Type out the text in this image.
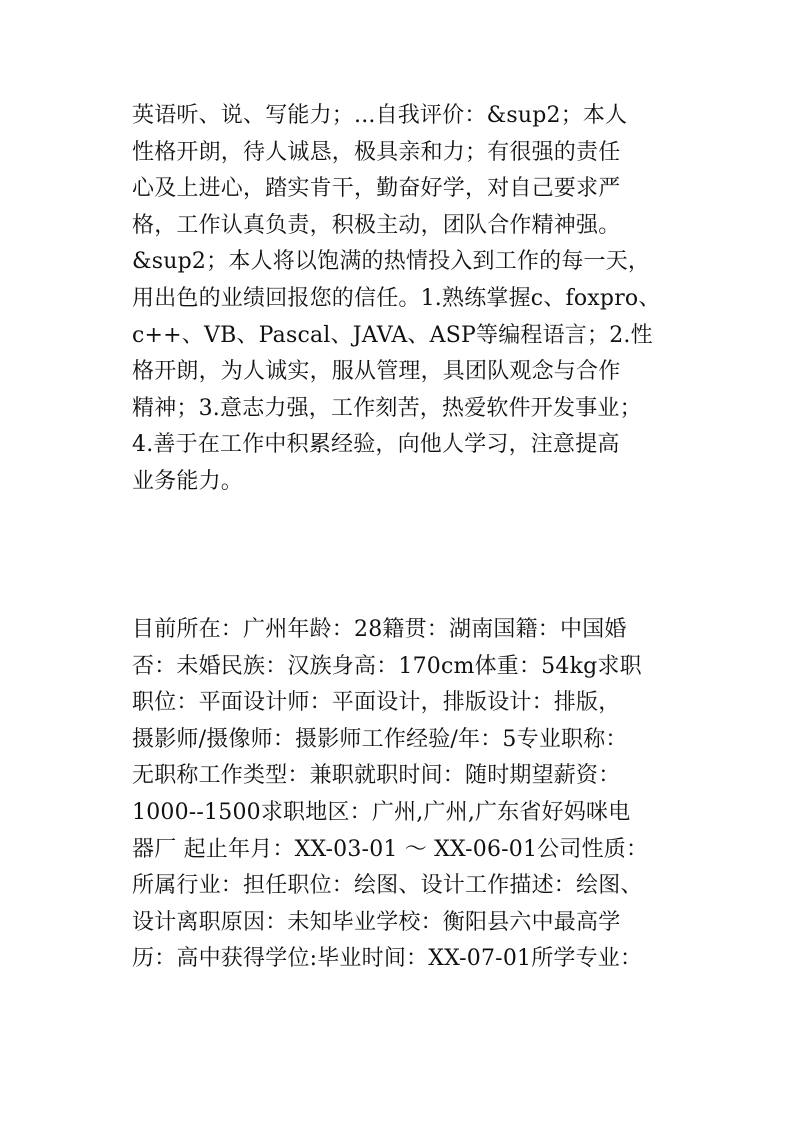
英语听、说、写能力；...自我评价：&sup2；本人
性格开朗，待人诚恳，极具亲和力；有很强的责任
心及上进心，踏实肯干，勤奋好学，对自己要求严
格，工作认真负责，积极主动，团队合作精神强。
&sup2；本人将以饱满的热情投入到工作的每一天，
用出色的业绩回报您的信任。1.熟练掌握c、foxpro、
c++、VB、Pascal、JAVA、ASP等编程语言；2.性
格开朗，为人诚实，服从管理，具团队观念与合作
精神；3.意志力强，工作刻苦，热爱软件开发事业；
4.善于在工作中积累经验，向他人学习，注意提高
业务能力。
目前所在：广州年龄：28籍贯：湖南国籍：中国婚
否：未婚民族：汉族身高：170cm体重：54kg求职
职位：平面设计师：平面设计，排版设计：排版，
摄影师/摄像师：摄影师工作经验/年：5专业职称：
无职称工作类型：兼职就职时间：随时期望薪资：
1000--1500求职地区：广州,广州,广东省好妈咪电
器厂 起止年月：XX-03-01 ～ XX-06-01公司性质：
所属行业：担任职位：绘图、设计工作描述：绘图、
设计离职原因：未知毕业学校：衡阳县六中最高学
历：高中获得学位:毕业时间：XX-07-01所学专业：
